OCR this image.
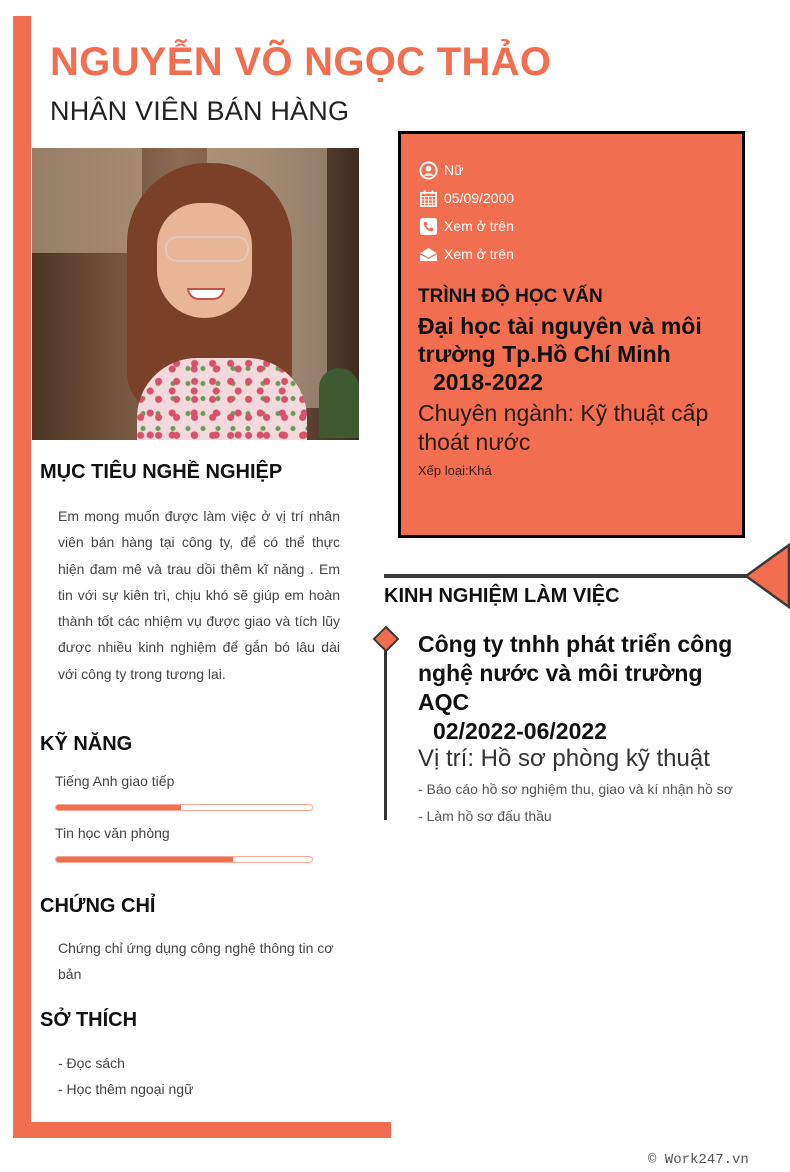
NGUYỄN VÕ NGỌC THẢO
NHÂN VIÊN BÁN HÀNG
Nữ
05/09/2000
Xem ở trên
Xem ở trên
TRÌNH ĐỘ HỌC VẤN
Đại học tài nguyên và môi trường Tp.Hồ Chí Minh
2018-2022
Chuyên ngành: Kỹ thuật cấp thoát nước
Xếp loại:Khá
MỤC TIÊU NGHỀ NGHIỆP

Em mong muốn được làm việc ở vị trí nhân viên bán hàng tại công ty, để có thể thực hiện đam mê và trau dồi thêm kĩ năng . Em tin với sự kiên trì, chịu khó sẽ giúp em hoàn thành tốt các nhiệm vụ được giao và tích lũy được nhiều kinh nghiệm để gắn bó lâu dài với công ty trong tương lai.

KỸ NĂNG
Tiếng Anh giao tiếp
Tin học văn phòng
CHỨNG CHỈ

Chứng chỉ ứng dụng công nghệ thông tin cơ bản

SỞ THÍCH
- Đọc sách
- Học thêm ngoại ngữ
KINH NGHIỆM LÀM VIỆC
Công ty tnhh phát triển công nghệ nước và môi trường AQC
02/2022-06/2022
Vị trí: Hồ sơ phòng kỹ thuật
- Báo cáo hồ sơ nghiệm thu, giao và kí nhận hồ sơ
- Làm hồ sơ đấu thầu
© Work247.vn
